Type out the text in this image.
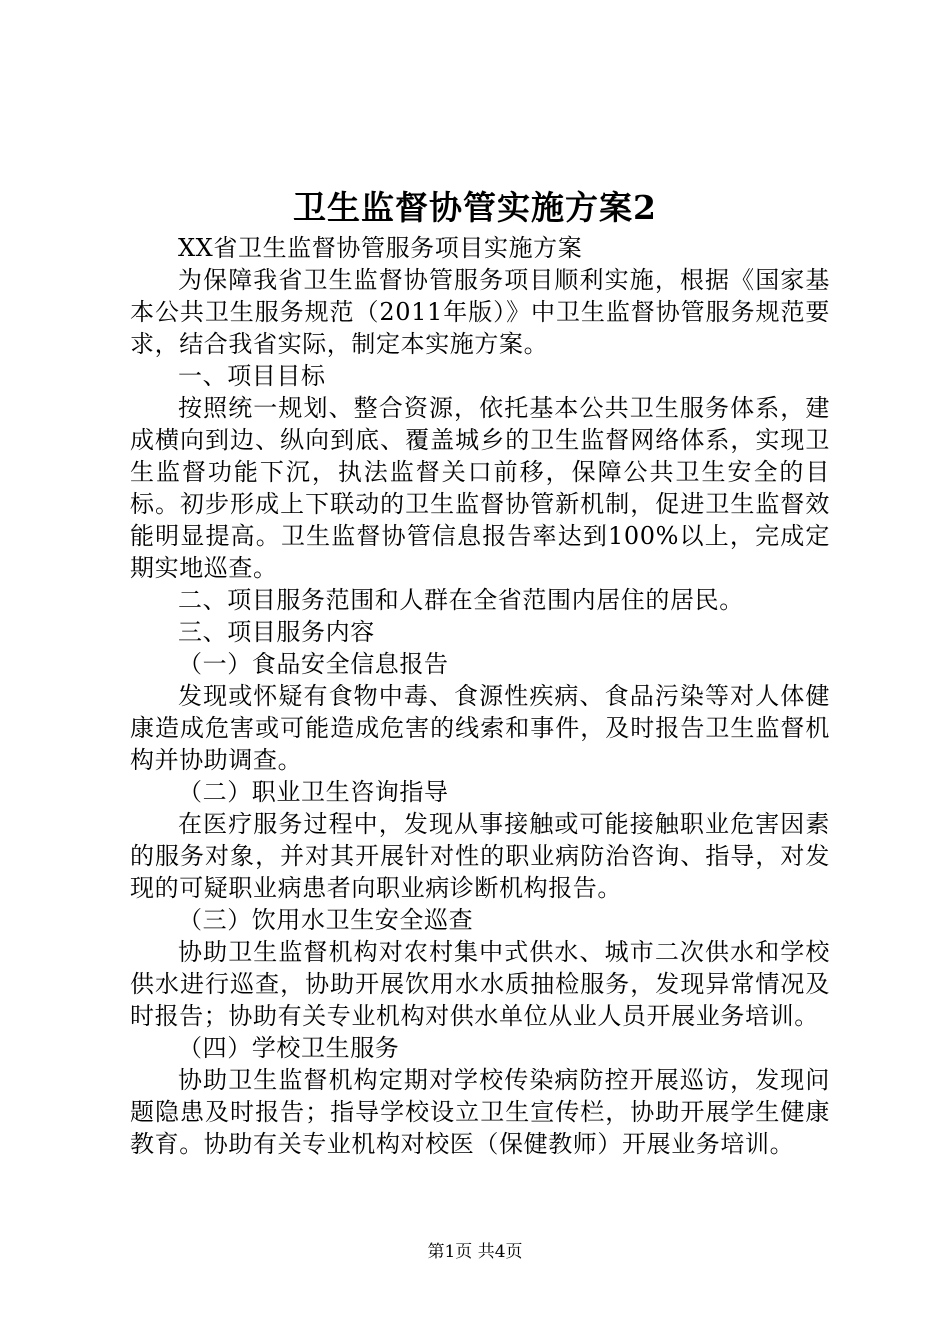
卫生监督协管实施方案2

XX省卫生监督协管服务项目实施方案

为保障我省卫生监督协管服务项目顺利实施，根据《国家基本公共卫生服务规范（2011年版）》中卫生监督协管服务规范要求，结合我省实际，制定本实施方案。

一、项目目标

按照统一规划、整合资源，依托基本公共卫生服务体系，建成横向到边、纵向到底、覆盖城乡的卫生监督网络体系，实现卫生监督功能下沉，执法监督关口前移，保障公共卫生安全的目标。初步形成上下联动的卫生监督协管新机制，促进卫生监督效能明显提高。卫生监督协管信息报告率达到100%以上，完成定期实地巡查。

二、项目服务范围和人群在全省范围内居住的居民。

三、项目服务内容

（一）食品安全信息报告

发现或怀疑有食物中毒、食源性疾病、食品污染等对人体健康造成危害或可能造成危害的线索和事件，及时报告卫生监督机构并协助调查。

（二）职业卫生咨询指导

在医疗服务过程中，发现从事接触或可能接触职业危害因素的服务对象，并对其开展针对性的职业病防治咨询、指导，对发现的可疑职业病患者向职业病诊断机构报告。

（三）饮用水卫生安全巡查

协助卫生监督机构对农村集中式供水、城市二次供水和学校供水进行巡查，协助开展饮用水水质抽检服务，发现异常情况及时报告；协助有关专业机构对供水单位从业人员开展业务培训。

（四）学校卫生服务

协助卫生监督机构定期对学校传染病防控开展巡访，发现问题隐患及时报告；指导学校设立卫生宣传栏，协助开展学生健康教育。协助有关专业机构对校医（保健教师）开展业务培训。

第1页 共4页
